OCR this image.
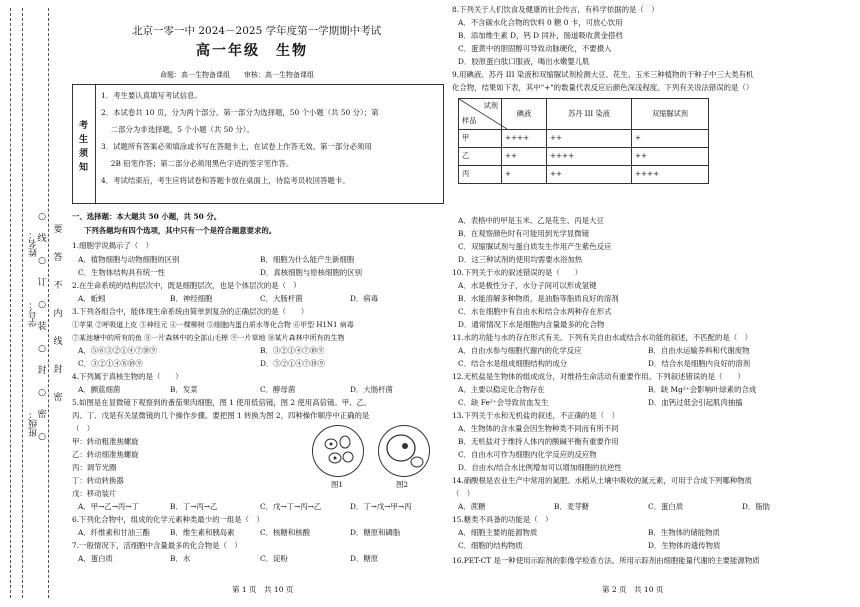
班级：
学号：
姓名：
○
线
○
订
○
装
○
封
○
密
○
要
答
不
内
线
封
密
北京一零一中 2024－2025 学年度第一学期期中考试
高一年级　生物
命题：高一生物备课组　　审核：高一生物备课组
考
生
须
知
1．考生要认真填写考试信息。
2．本试卷共 10 页，分为两个部分。第一部分为选择题，50 个小题（共 50 分）；第
　 二部分为非选择题，5 个小题（共 50 分）。
3．试题所有答案必须填涂或书写在答题卡上，在试卷上作答无效。第一部分必须用
　 2B 铅笔作答；第二部分必须用黑色字迹的签字笔作答。
4．考试结束后，考生应将试卷和答题卡放在桌面上，待监考员收回答题卡。
一、选择题：本大题共 50 小题，共 50 分。
下列各题均有四个选项，其中只有一个是符合题意要求的。
1.细胞学说揭示了（　）
A．植物细胞与动物细胞的区别	B．细胞为什么能产生新细胞
C．生物体结构具有统一性	D．真核细胞与原核细胞的区别
2.在生命系统的结构层次中，既是细胞层次，也是个体层次的是（　）
A．蚯蚓	B．神经细胞	C．大肠杆菌	D．病毒
3.下列各组合中，能体现生命系统由简单到复杂的正确层次的是（　　）
①苹果 ②呼吸道上皮 ③神经元 ④一棵柳树 ⑤细胞内蛋白质水等化合物 ⑥甲型 H1N1 病毒
⑦某池塘中的所有的鱼 ⑧一片森林中的全部山毛榉 ⑨一片草地 ⑩某片森林中所有的生物
A．⑤⑥③②①④⑦⑩⑨	B．③②①④⑦⑩⑨
C．③②①④⑧⑩⑨	D．⑤②①④⑦⑩⑨
4.下列属于真核生物的是（　　）
A．颤蓝细菌	B．发菜	C．酵母菌	D．大肠杆菌
5.如图是在显微镜下观察到的番茄果肉细胞，图 1 使用低倍镜，图 2 使用高倍镜。甲、乙、
丙、丁、戊是有关显微镜的几个操作步骤。要把图 1 转换为图 2，四种操作顺序中正确的是
（　）
甲：转动粗准焦螺旋
乙：转动细准焦螺旋
丙：调节光圈
丁：转动转换器
戊：移动装片
图1	图2
A．甲→乙→丙→丁	B．丁→丙→乙	C．戊→丁→丙→乙	D．丁→戊→甲→丙
6.下列化合物中，组成的化学元素种类最少的一组是（　）
A．纤维素和甘油三酯	B．维生素和胰岛素	C．核糖和核酸	D．糖原和磷脂
7.一般情况下，活细胞中含量最多的化合物是（　）
A．蛋白质	B．水	C．淀粉	D．糖原
第 1 页　共 10 页
8.下列关于人们饮食及健康的社会传言，有科学依据的是（　）
A．不含碳水化合物的饮料 0 糖 0 卡，可放心饮用
B．添加维生素 D，钙 D 同补，肠道吸收黄金搭档
C．蛋黄中的胆固醇可导致动脉硬化，不要摄入
D．胶原蛋白肽口服液，喝出水嫩婴儿肌
9.用碘液、苏丹 III 染液和双缩脲试剂检测大豆、花生、玉米三种植物的干种子中三大类有机
化合物，结果如下表，其中"+"的数量代表反应后颜色深浅程度。下列有关说法错误的是（）
试剂
样品	碘液	苏丹 III 染液	双缩脲试剂
甲	++++	++	+
乙	++	++++	++
丙	+	++	++++
A．表格中的甲是玉米、乙是花生、丙是大豆
B．在观察颜色时有可能用到光学显微镜
C．双缩脲试剂与蛋白质发生作用产生紫色反应
D．这三种试剂的使用均需要水浴加热
10.下列关于水的叙述错误的是（　　）
A．水是极性分子，水分子间可以形成氢键
B．水能溶解多种物质，是油脂等脂质良好的溶剂
C．水在细胞中有自由水和结合水两种存在形式
D．通常情况下水是细胞内含量最多的化合物
11.水的功能与水的存在形式有关。下列有关自由水或结合水功能的叙述，不匹配的是（　）
A．自由水参与细胞代谢内的化学反应	B．自由水运输养料和代谢废物
C．结合水是组成细胞结构的成分	D．结合水是细胞内良好的溶剂
12.无机盐是生物体的组成成分，对维持生命活动有重要作用。下列叙述错误的是（　　）
A．主要以稳定化合物存在	B．缺 Mg²⁺会影响叶绿素的合成
C．缺 Fe²⁺会导致贫血发生	D．血钙过低会引起肌肉抽搐
13.下列关于水和无机盐的叙述，不正确的是（　）
A．生物体的含水量会因生物种类不同而有所不同
B．无机盐对于维持人体内的酸碱平衡有重要作用
C．自由水可作为细胞内化学反应的反应物
D．自由水/结合水比例增加可以增加细胞的抗逆性
14.硝酸根是农业生产中常用的氮肥。水稻从土壤中吸收的氮元素，可用于合成下列哪种物质
（　）
A．蔗糖	B．麦芽糖	C．蛋白质	D．脂肪
15.糖类不具备的功能是（　）
A．细胞主要的能源物质	B．生物体的储能物质
C．细胞的结构物质	D．生物体的遗传物质
16.PET-CT 是一种使用示踪剂的影像学检查方法。所用示踪剂由细胞能量代谢的主要能源物质
第 2 页　共 10 页
